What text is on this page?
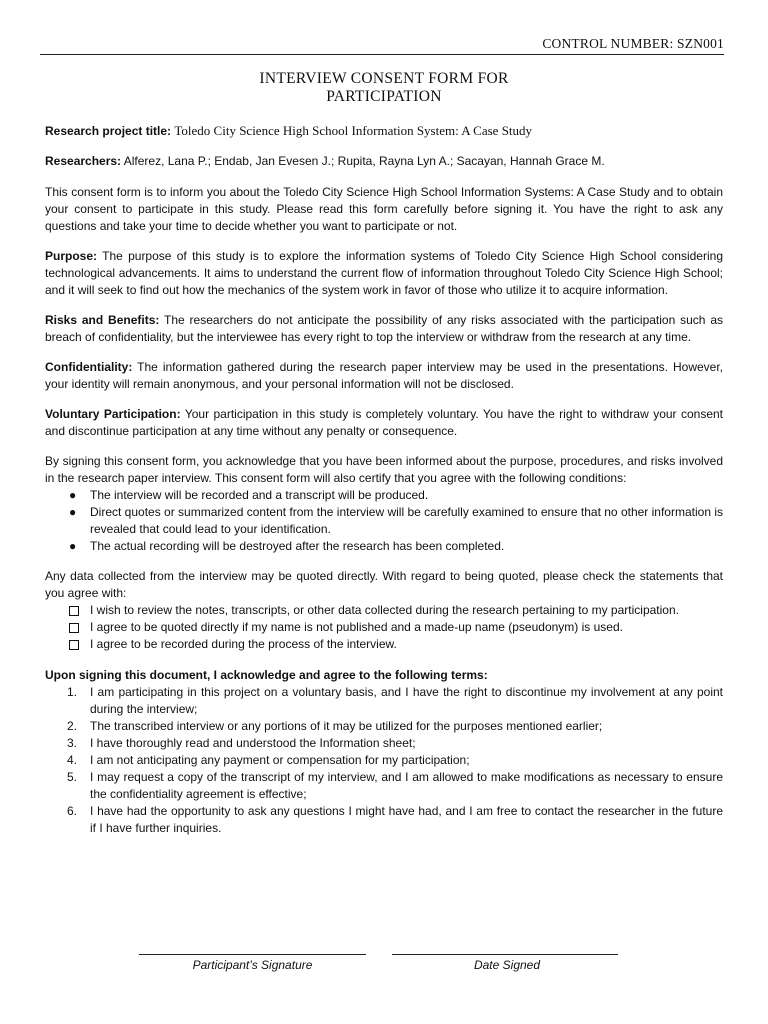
CONTROL NUMBER: SZN001
INTERVIEW CONSENT FORM FOR
PARTICIPATION

Research project title: Toledo City Science High School Information System: A Case Study

Researchers: Alferez, Lana P.; Endab, Jan Evesen J.; Rupita, Rayna Lyn A.; Sacayan, Hannah Grace M.

This consent form is to inform you about the Toledo City Science High School Information Systems: A Case Study and to obtain your consent to participate in this study. Please read this form carefully before signing it. You have the right to ask any questions and take your time to decide whether you want to participate or not.

Purpose: The purpose of this study is to explore the information systems of Toledo City Science High School considering technological advancements. It aims to understand the current flow of information throughout Toledo City Science High School; and it will seek to find out how the mechanics of the system work in favor of those who utilize it to acquire information.

Risks and Benefits: The researchers do not anticipate the possibility of any risks associated with the participation such as breach of confidentiality, but the interviewee has every right to top the interview or withdraw from the research at any time.

Confidentiality: The information gathered during the research paper interview may be used in the presentations. However, your identity will remain anonymous, and your personal information will not be disclosed.

Voluntary Participation: Your participation in this study is completely voluntary. You have the right to withdraw your consent and discontinue participation at any time without any penalty or consequence.

By signing this consent form, you acknowledge that you have been informed about the purpose, procedures, and risks involved in the research paper interview. This consent form will also certify that you agree with the following conditions:
● The interview will be recorded and a transcript will be produced.
● Direct quotes or summarized content from the interview will be carefully examined to ensure that no other information is revealed that could lead to your identification.
● The actual recording will be destroyed after the research has been completed.
Any data collected from the interview may be quoted directly. With regard to being quoted, please check the statements that you agree with:
I wish to review the notes, transcripts, or other data collected during the research pertaining to my participation.
I agree to be quoted directly if my name is not published and a made-up name (pseudonym) is used.
I agree to be recorded during the process of the interview.
Upon signing this document, I acknowledge and agree to the following terms:
1. I am participating in this project on a voluntary basis, and I have the right to discontinue my involvement at any point during the interview;
2. The transcribed interview or any portions of it may be utilized for the purposes mentioned earlier;
3. I have thoroughly read and understood the Information sheet;
4. I am not anticipating any payment or compensation for my participation;
5. I may request a copy of the transcript of my interview, and I am allowed to make modifications as necessary to ensure the confidentiality agreement is effective;
6. I have had the opportunity to ask any questions I might have had, and I am free to contact the researcher in the future if I have further inquiries.
Participant’s Signature	Date Signed
